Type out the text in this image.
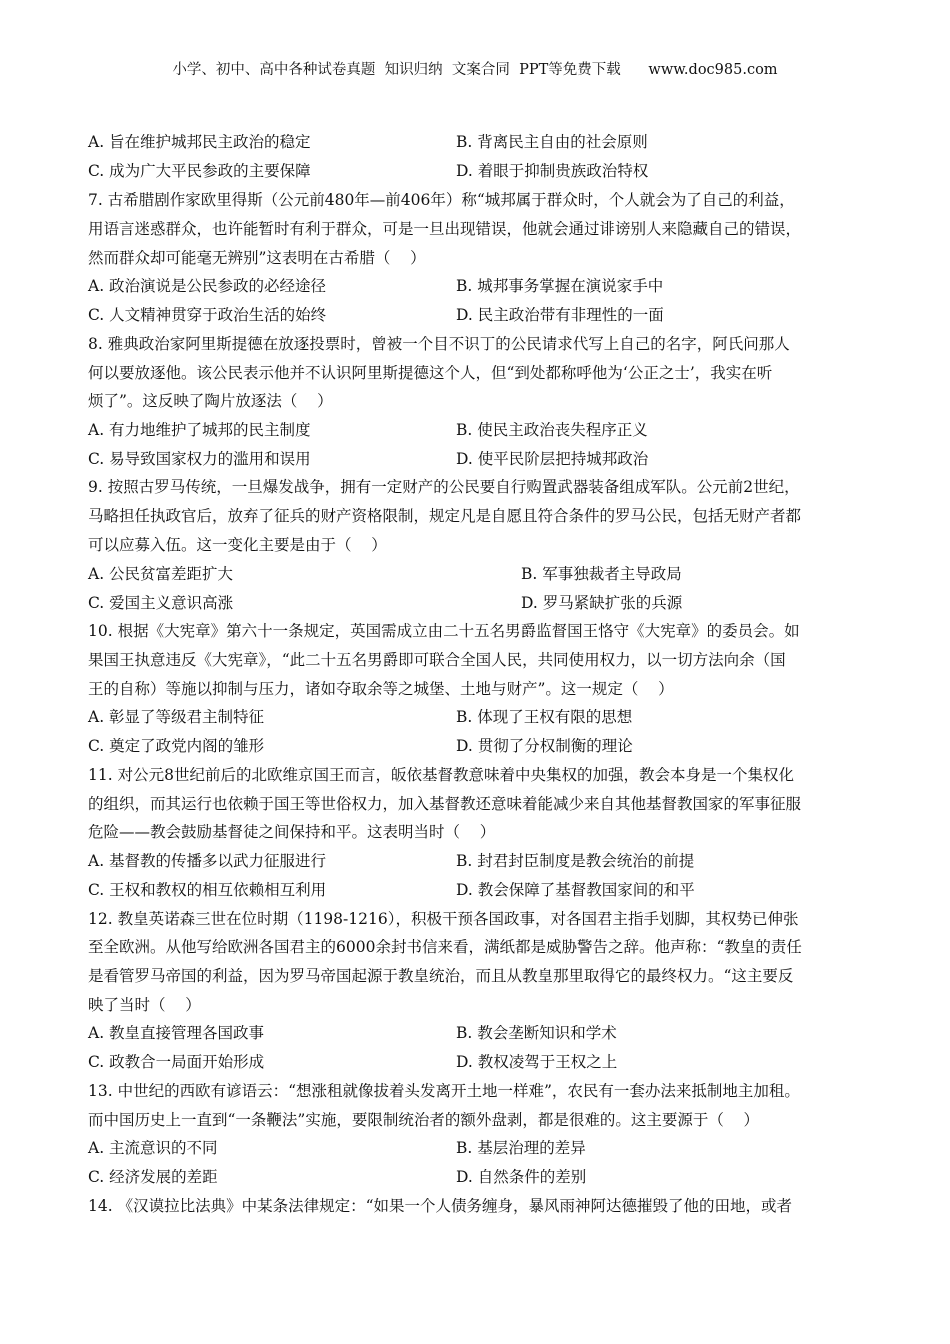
小学、初中、高中各种试卷真题  知识归纳  文案合同  PPT等免费下载      www.doc985.com
A. 旨在维护城邦民主政治的稳定	B. 背离民主自由的社会原则
C. 成为广大平民参政的主要保障	D. 着眼于抑制贵族政治特权
7. 古希腊剧作家欧里得斯（公元前480年—前406年）称“城邦属于群众时，个人就会为了自己的利益，
用语言迷惑群众，也许能暂时有利于群众，可是一旦出现错误，他就会通过诽谤别人来隐藏自己的错误，
然而群众却可能毫无辨别”这表明在古希腊（    ）
A. 政治演说是公民参政的必经途径	B. 城邦事务掌握在演说家手中
C. 人文精神贯穿于政治生活的始终	D. 民主政治带有非理性的一面
8. 雅典政治家阿里斯提德在放逐投票时，曾被一个目不识丁的公民请求代写上自己的名字，阿氏问那人
何以要放逐他。该公民表示他并不认识阿里斯提德这个人，但“到处都称呼他为‘公正之士’，我实在听
烦了”。这反映了陶片放逐法（    ）
A. 有力地维护了城邦的民主制度	B. 使民主政治丧失程序正义
C. 易导致国家权力的滥用和误用	D. 使平民阶层把持城邦政治
9. 按照古罗马传统，一旦爆发战争，拥有一定财产的公民要自行购置武器装备组成军队。公元前2世纪，
马略担任执政官后，放弃了征兵的财产资格限制，规定凡是自愿且符合条件的罗马公民，包括无财产者都
可以应募入伍。这一变化主要是由于（    ）
A. 公民贫富差距扩大	B. 军事独裁者主导政局
C. 爱国主义意识高涨	D. 罗马紧缺扩张的兵源
10. 根据《大宪章》第六十一条规定，英国需成立由二十五名男爵监督国王恪守《大宪章》的委员会。如
果国王执意违反《大宪章》，“此二十五名男爵即可联合全国人民，共同使用权力，以一切方法向余（国
王的自称）等施以抑制与压力，诸如夺取余等之城堡、土地与财产”。这一规定（    ）
A. 彰显了等级君主制特征	B. 体现了王权有限的思想
C. 奠定了政党内阁的雏形	D. 贯彻了分权制衡的理论
11. 对公元8世纪前后的北欧维京国王而言，皈依基督教意味着中央集权的加强，教会本身是一个集权化
的组织，而其运行也依赖于国王等世俗权力，加入基督教还意味着能减少来自其他基督教国家的军事征服
危险——教会鼓励基督徒之间保持和平。这表明当时（    ）
A. 基督教的传播多以武力征服进行	B. 封君封臣制度是教会统治的前提
C. 王权和教权的相互依赖相互利用	D. 教会保障了基督教国家间的和平
12. 教皇英诺森三世在位时期（1198-1216），积极干预各国政事，对各国君主指手划脚，其权势已伸张
至全欧洲。从他写给欧洲各国君主的6000余封书信来看，满纸都是威胁警告之辞。他声称：“教皇的责任
是看管罗马帝国的利益，因为罗马帝国起源于教皇统治，而且从教皇那里取得它的最终权力。“这主要反
映了当时（    ）
A. 教皇直接管理各国政事	B. 教会垄断知识和学术
C. 政教合一局面开始形成	D. 教权凌驾于王权之上
13. 中世纪的西欧有谚语云：“想涨租就像拔着头发离开土地一样难”，农民有一套办法来抵制地主加租。
而中国历史上一直到“一条鞭法”实施，要限制统治者的额外盘剥，都是很难的。这主要源于（    ）
A. 主流意识的不同	B. 基层治理的差异
C. 经济发展的差距	D. 自然条件的差别
14. 《汉谟拉比法典》中某条法律规定：“如果一个人债务缠身，暴风雨神阿达德摧毁了他的田地，或者
